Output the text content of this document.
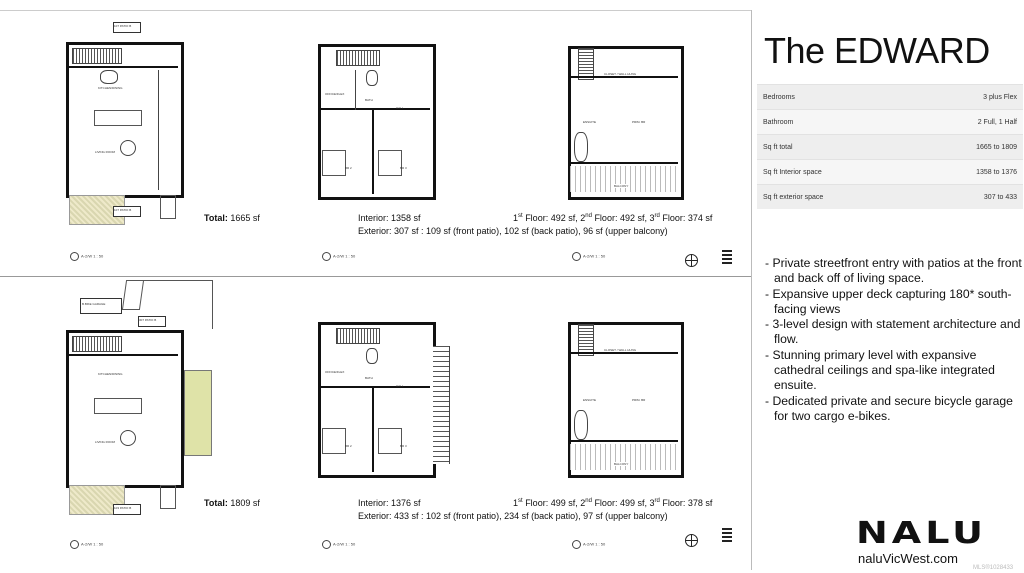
107 PATIO B
KITCHEN/DINING
LIVING ROOM
107 PATIO B
A-2/W 1 : 50
OFFICE/FLEX
HALL
BATH
BR 2	BR 3
A-2/W 1 : 50
CLOSET / WALL HUNG
PRIM. BR
ENSUITE
BALCONY
A-2/W 1 : 50
Total: 1665 sf	Interior: 1358 sf	1st Floor: 492 sf, 2nd Floor: 492 sf, 3rd Floor: 374 sf
Exterior: 307 sf : 109 sf (front patio), 102 sf (back patio), 96 sf (upper balcony)
B.BIKE GARAGE
307 PATIO B
KITCHEN/DINING
LIVING ROOM
103 PATIO B
A-2/W 1 : 50
OFFICE/FLEX
HALL
BATH
BR 2	BR 3
A-2/W 1 : 50
CLOSET / WALL HUNG
PRIM. BR
ENSUITE
BALCONY
A-2/W 1 : 50
Total: 1809 sf	Interior: 1376 sf	1st Floor: 499 sf, 2nd Floor: 499 sf, 3rd Floor: 378 sf
Exterior: 433 sf : 102 sf (front patio), 234 sf (back patio), 97 sf (upper balcony)
The EDWARD
Bedrooms	3 plus Flex
Bathroom	2 Full, 1 Half
Sq ft total	1665 to 1809
Sq ft Interior space	1358 to 1376
Sq ft exterior space	307 to 433
- Private streetfront entry with patios at the front and back off of living space.
- Expansive upper deck capturing 180* south-facing views
- 3-level design with statement architecture and flow.
- Stunning primary level with expansive cathedral ceilings and spa-like integrated ensuite.
- Dedicated private and secure bicycle garage for two cargo e-bikes.
NALU
naluVicWest.com
MLS®1028433
